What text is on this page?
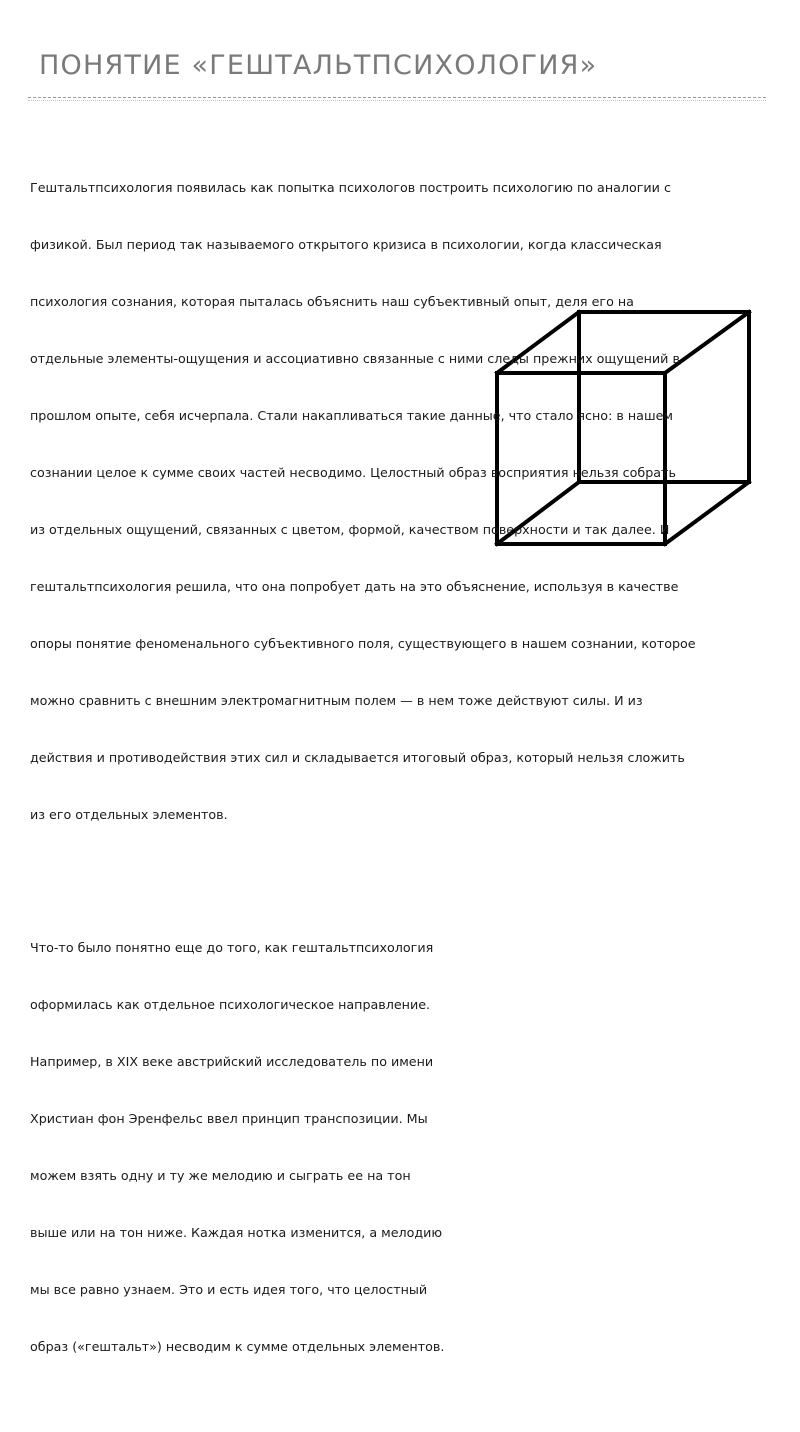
ПОНЯТИЕ «ГЕШТАЛЬТПСИХОЛОГИЯ»

Гештальтпсихология появилась как попытка психологов построить психологию по аналогии с

физикой. Был период так называемого открытого кризиса в психологии, когда классическая

психология сознания, которая пыталась объяснить наш субъективный опыт, деля его на

отдельные элементы-ощущения и ассоциативно связанные с ними следы прежних ощущений в

прошлом опыте, себя исчерпала. Стали накапливаться такие данные, что стало ясно: в нашем

сознании целое к сумме своих частей несводимо. Целостный образ восприятия нельзя собрать

из отдельных ощущений, связанных с цветом, формой, качеством поверхности и так далее. И

гештальтпсихология решила, что она попробует дать на это объяснение, используя в качестве

опоры понятие феноменального субъективного поля, существующего в нашем сознании, которое

можно сравнить с внешним электромагнитным полем — в нем тоже действуют силы. И из

действия и противодействия этих сил и складывается итоговый образ, который нельзя сложить

из его отдельных элементов.

Что-то было понятно еще до того, как гештальтпсихология

оформилась как отдельное психологическое направление.

Например, в XIX веке австрийский исследователь по имени

Христиан фон Эренфельс ввел принцип транспозиции. Мы

можем взять одну и ту же мелодию и сыграть ее на тон

выше или на тон ниже. Каждая нотка изменится, а мелодию

мы все равно узнаем. Это и есть идея того, что целостный

образ («гештальт») несводим к сумме отдельных элементов.
